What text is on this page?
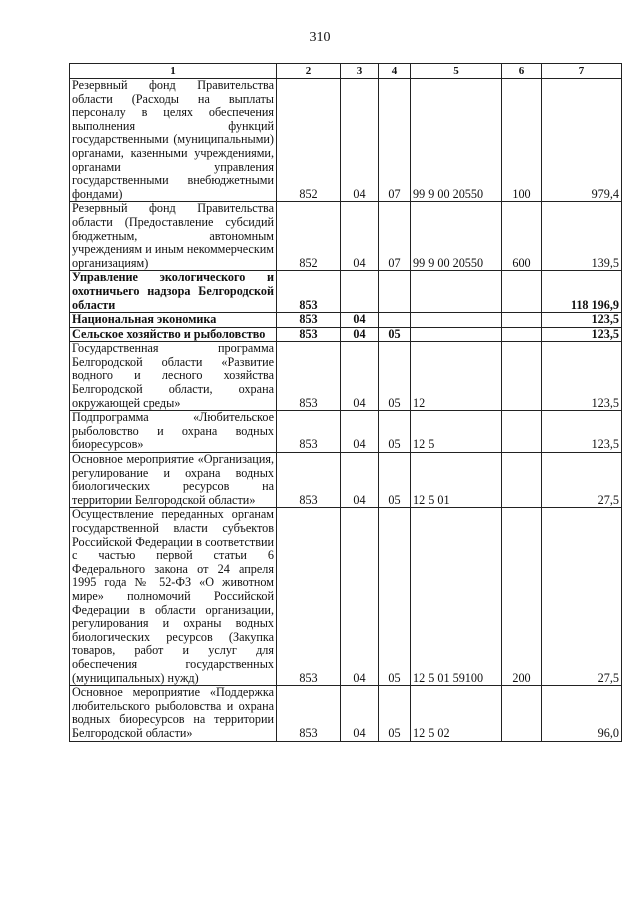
310
1	2	3	4	5	6	7

Резервный фонд Правительства области (Расходы на выплаты персоналу в целях обеспечения выполнения функций государственными (муниципальными) органами, казенными учреждениями, органами управления государственными внебюджетными фондами)	852	04	07	99 9 00 20550	100	979,4

Резервный фонд Правительства области (Предоставление субсидий бюджетным, автономным учреждениям и иным некоммерческим организациям)	852	04	07	99 9 00 20550	600	139,5

Управление экологического и охотничьего надзора Белгородской области	853					118 196,9

Национальная экономика	853	04				123,5

Сельское хозяйство и рыболовство	853	04	05			123,5

Государственная программа Белгородской области «Развитие водного и лесного хозяйства Белгородской области, охрана окружающей среды»	853	04	05	12		123,5

Подпрограмма «Любительское рыболовство и охрана водных биоресурсов»	853	04	05	12 5		123,5

Основное мероприятие «Организация, регулирование и охрана водных биологических ресурсов на территории Белгородской области»	853	04	05	12 5 01		27,5

Осуществление переданных органам государственной власти субъектов Российской Федерации в соответствии с частью первой статьи 6 Федерального закона от 24 апреля 1995 года № 52-ФЗ «О животном мире» полномочий Российской Федерации в области организации, регулирования и охраны водных биологических ресурсов (Закупка товаров, работ и услуг для обеспечения государственных (муниципальных) нужд)	853	04	05	12 5 01 59100	200	27,5

Основное мероприятие «Поддержка любительского рыболовства и охрана водных биоресурсов на территории Белгородской области»	853	04	05	12 5 02		96,0
